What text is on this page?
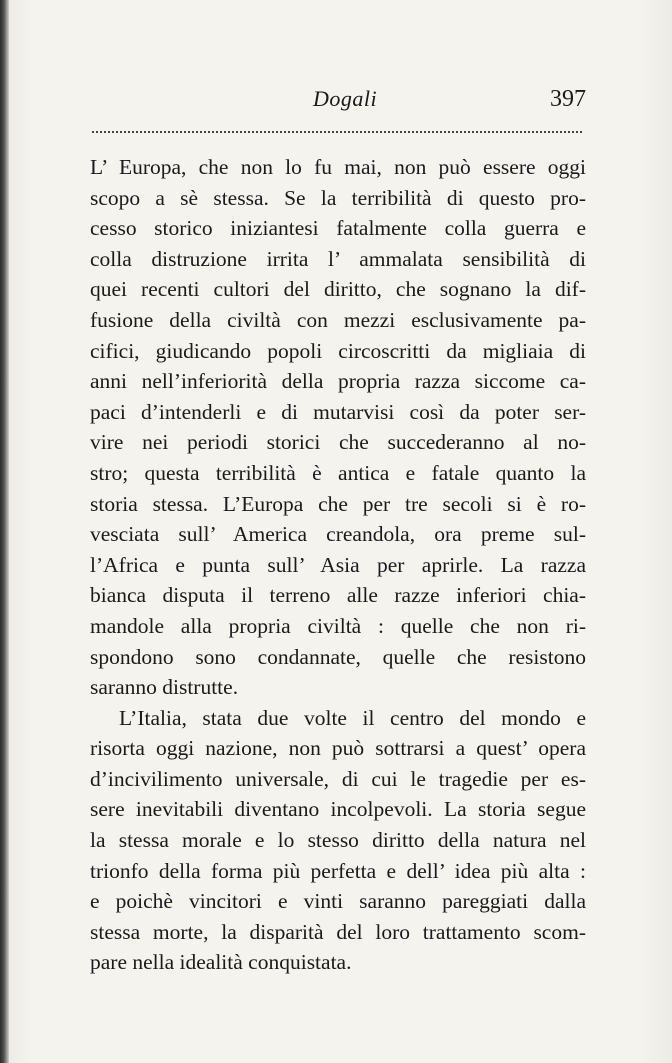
Dogali	397
L’ Europa, che non lo fu mai, non può essere oggi
scopo a sè stessa. Se la terribilità di questo pro-
cesso storico iniziantesi fatalmente colla guerra e
colla distruzione irrita l’ ammalata sensibilità di
quei recenti cultori del diritto, che sognano la dif-
fusione della civiltà con mezzi esclusivamente pa-
cifici, giudicando popoli circoscritti da migliaia di
anni nell’inferiorità della propria razza siccome ca-
paci d’intenderli e di mutarvisi così da poter ser-
vire nei periodi storici che succederanno al no-
stro; questa terribilità è antica e fatale quanto la
storia stessa. L’Europa che per tre secoli si è ro-
vesciata sull’ America creandola, ora preme sul-
l’Africa e punta sull’ Asia per aprirle. La razza
bianca disputa il terreno alle razze inferiori chia-
mandole alla propria civiltà : quelle che non ri-
spondono sono condannate, quelle che resistono
saranno distrutte.
L’Italia, stata due volte il centro del mondo e
risorta oggi nazione, non può sottrarsi a quest’ opera
d’incivilimento universale, di cui le tragedie per es-
sere inevitabili diventano incolpevoli. La storia segue
la stessa morale e lo stesso diritto della natura nel
trionfo della forma più perfetta e dell’ idea più alta :
e poichè vincitori e vinti saranno pareggiati dalla
stessa morte, la disparità del loro trattamento scom-
pare nella idealità conquistata.
